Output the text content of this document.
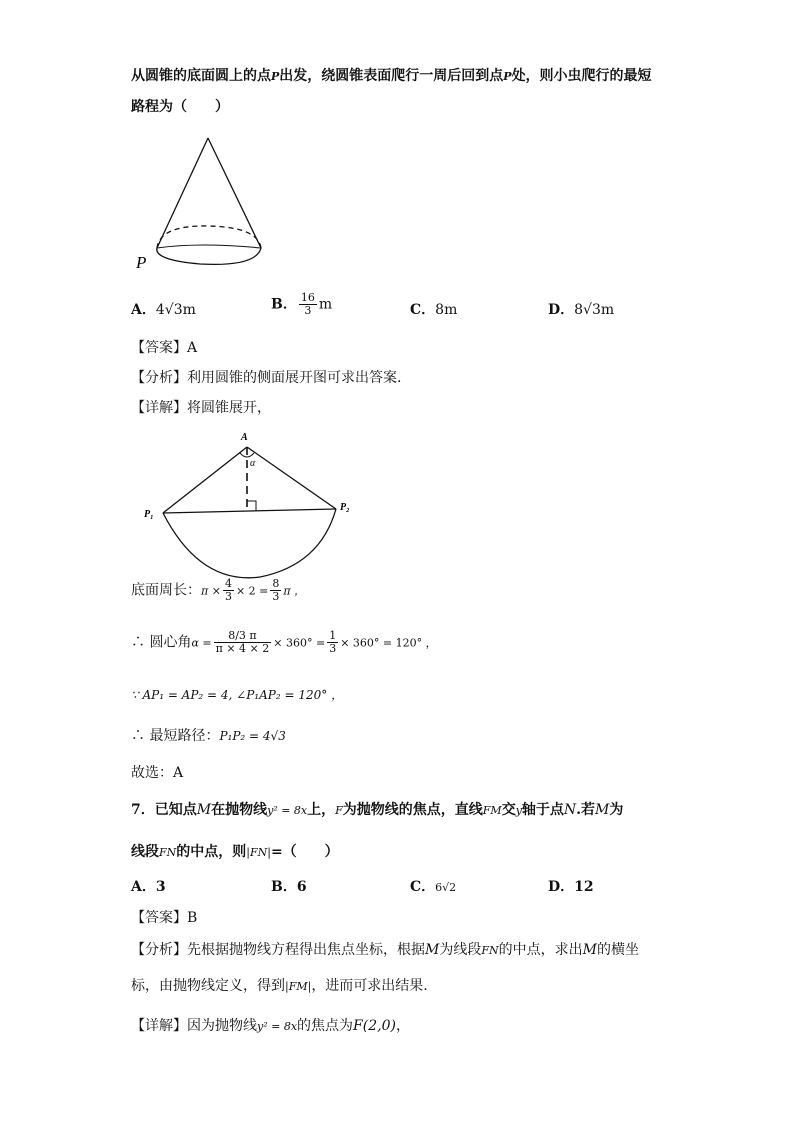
从圆锥的底面圆上的点P出发，绕圆锥表面爬行一周后回到点P处，则小虫爬行的最短
路程为（　　）
P
A．4√3m	B． $\frac{16}{3}$ m	C．8m	D．8√3m
【答案】A
【分析】利用圆锥的侧面展开图可求出答案.
【详解】将圆锥展开，
A
α
P₁
P₂
底面周长：$\pi \times \frac{4}{3} \times 2 = \frac{8}{3}$ π ，
∴ 圆心角$\alpha = \frac{8/3 \pi}{\pi \times 4 \times 2} \times 360^\circ = \frac{1}{3} \times 360^\circ = 120^\circ$ ，
∵ AP₁ = AP₂ = 4, ∠P₁AP₂ = 120° ，
∴ 最短路径：P₁P₂ = 4√3
故选：A
7．已知点M在抛物线y² = 8x上，F为抛物线的焦点，直线FM交y轴于点N.若M为
线段FN的中点，则|FN|=（　　）
A．3	B．6	C．6√2	D．12
【答案】B
【分析】先根据抛物线方程得出焦点坐标，根据M为线段FN的中点，求出M的横坐
标，由抛物线定义，得到|FM|，进而可求出结果.
【详解】因为抛物线y² = 8x的焦点为F(2,0)，
